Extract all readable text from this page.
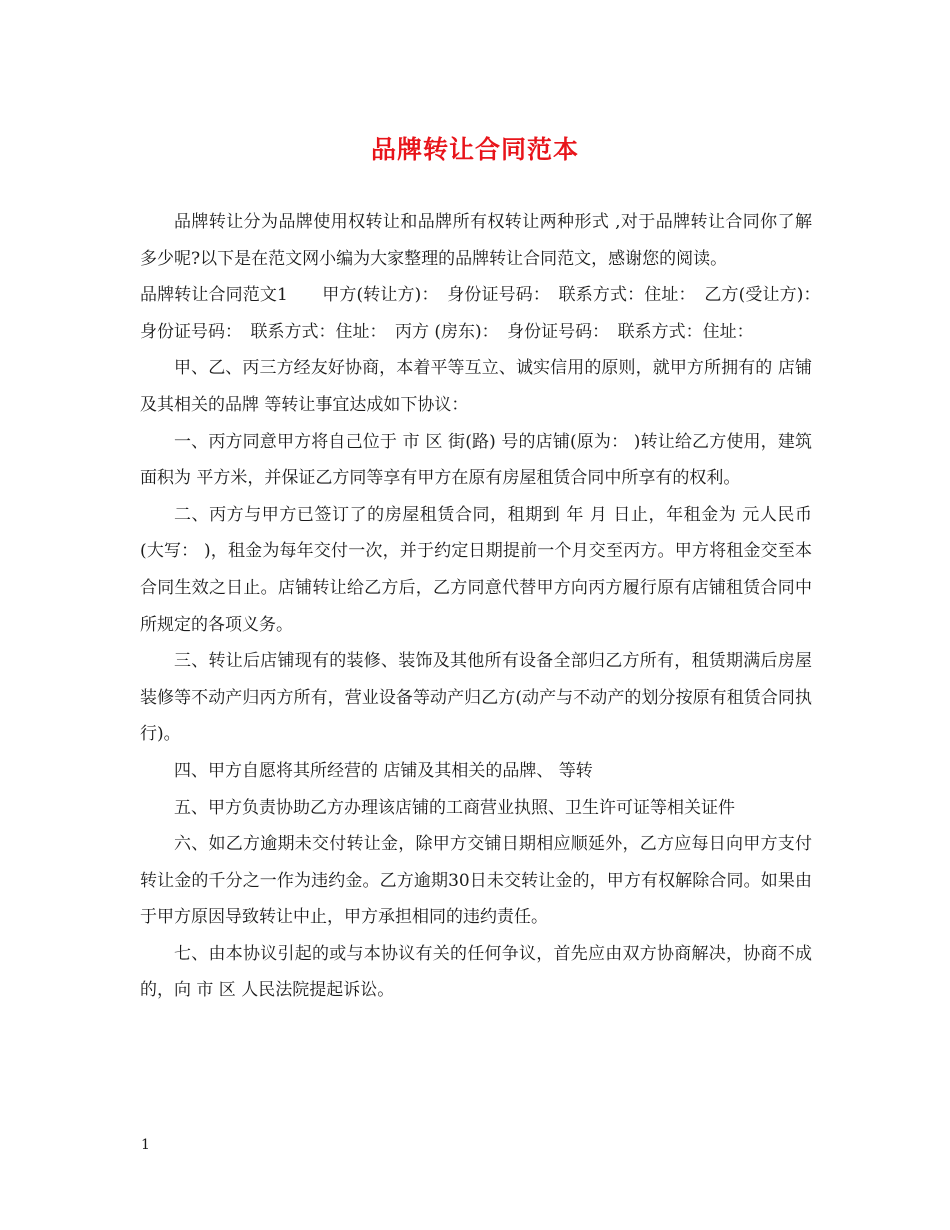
品牌转让合同范本

品牌转让分为品牌使用权转让和品牌所有权转让两种形式 ,对于品牌转让合同你了解多少呢?以下是在范文网小编为大家整理的品牌转让合同范文，感谢您的阅读。

品牌转让合同范文1　　甲方(转让方)：　身份证号码：　联系方式：住址：　乙方(受让方)：　身份证号码：　联系方式：住址：　丙方 (房东)：　身份证号码：　联系方式：住址：

甲、乙、丙三方经友好协商，本着平等互立、诚实信用的原则，就甲方所拥有的 店铺及其相关的品牌 等转让事宜达成如下协议：

一、丙方同意甲方将自己位于 市 区 街(路) 号的店铺(原为： )转让给乙方使用，建筑面积为 平方米，并保证乙方同等享有甲方在原有房屋租赁合同中所享有的权利。

二、丙方与甲方已签订了的房屋租赁合同，租期到 年 月 日止，年租金为 元人民币(大写： )，租金为每年交付一次，并于约定日期提前一个月交至丙方。甲方将租金交至本合同生效之日止。店铺转让给乙方后，乙方同意代替甲方向丙方履行原有店铺租赁合同中所规定的各项义务。

三、转让后店铺现有的装修、装饰及其他所有设备全部归乙方所有，租赁期满后房屋装修等不动产归丙方所有，营业设备等动产归乙方(动产与不动产的划分按原有租赁合同执行)。

四、甲方自愿将其所经营的 店铺及其相关的品牌、 等转

五、甲方负责协助乙方办理该店铺的工商营业执照、卫生许可证等相关证件

六、如乙方逾期未交付转让金，除甲方交铺日期相应顺延外，乙方应每日向甲方支付转让金的千分之一作为违约金。乙方逾期30日未交转让金的，甲方有权解除合同。如果由于甲方原因导致转让中止，甲方承担相同的违约责任。

七、由本协议引起的或与本协议有关的任何争议，首先应由双方协商解决，协商不成的，向 市 区 人民法院提起诉讼。

1
